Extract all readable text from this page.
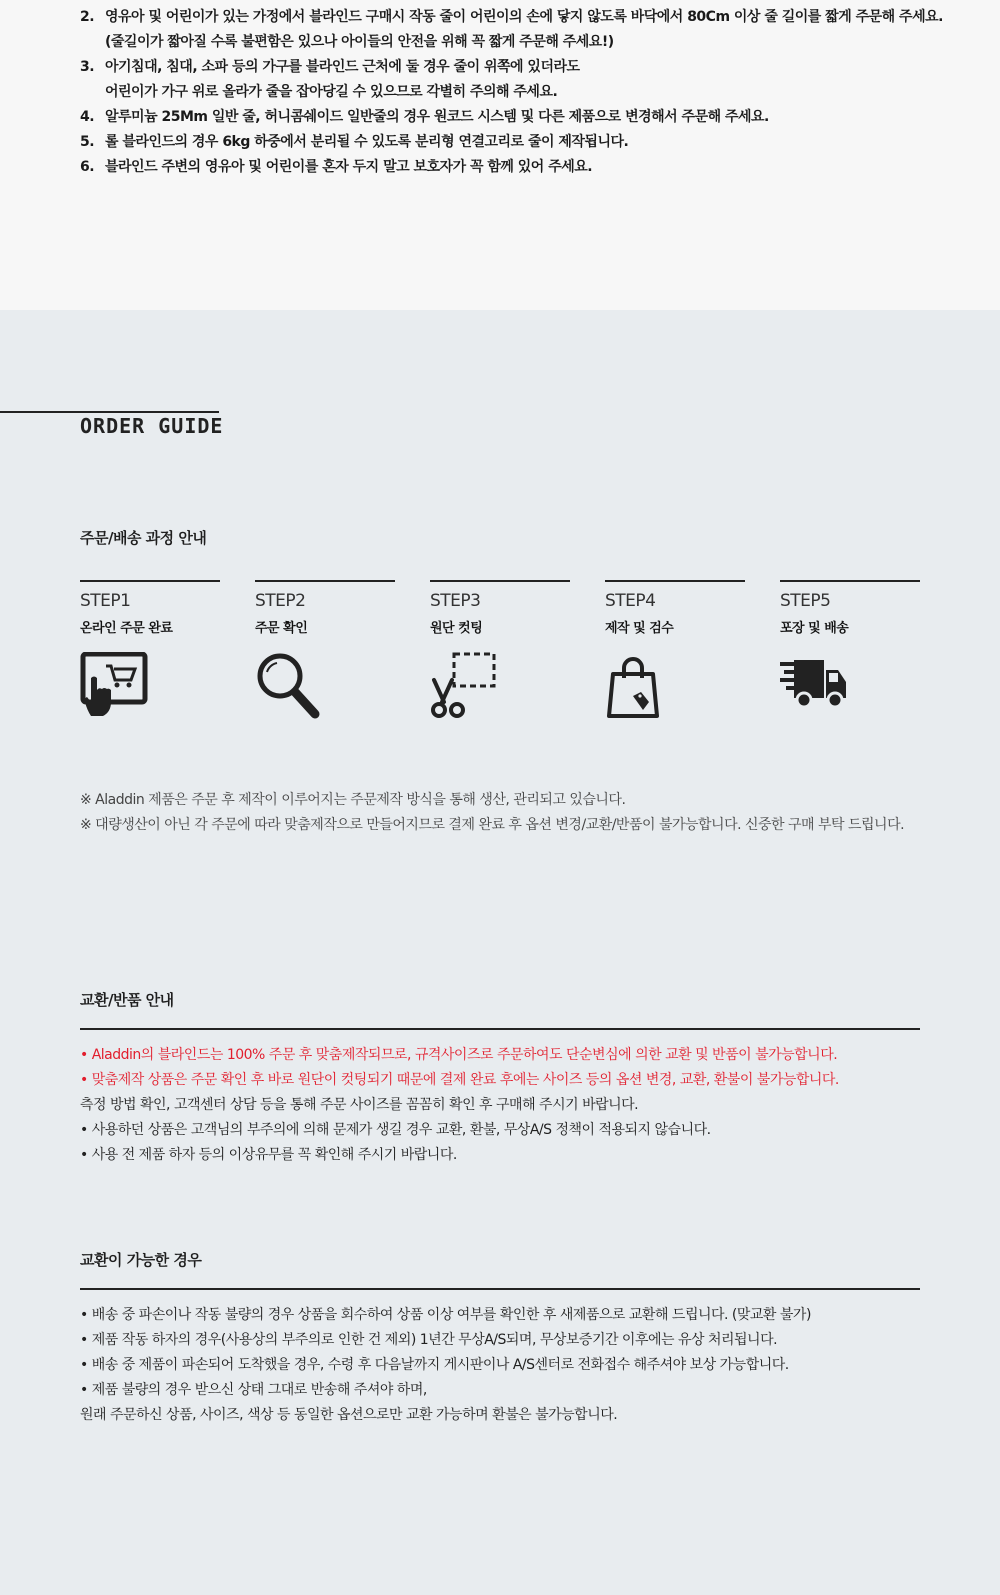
2. 영유아 및 어린이가 있는 가정에서 블라인드 구매시 작동 줄이 어린이의 손에 닿지 않도록 바닥에서 80Cm 이상 줄 길이를 짧게 주문해 주세요.
(줄길이가 짧아질 수록 불편함은 있으나 아이들의 안전을 위해 꼭 짧게 주문해 주세요!)
3. 아기침대, 침대, 소파 등의 가구를 블라인드 근처에 둘 경우 줄이 위쪽에 있더라도
어린이가 가구 위로 올라가 줄을 잡아당길 수 있으므로 각별히 주의해 주세요.
4. 알루미늄 25Mm 일반 줄, 허니콤쉐이드 일반줄의 경우 원코드 시스템 및 다른 제품으로 변경해서 주문해 주세요.
5. 롤 블라인드의 경우 6kg 하중에서 분리될 수 있도록 분리형 연결고리로 줄이 제작됩니다.
6. 블라인드 주변의 영유아 및 어린이를 혼자 두지 말고 보호자가 꼭 함께 있어 주세요.
ORDER GUIDE
주문/배송 과정 안내
STEP1
온라인 주문 완료
STEP2
주문 확인
STEP3
원단 컷팅
STEP4
제작 및 검수
STEP5
포장 및 배송

※ Aladdin 제품은 주문 후 제작이 이루어지는 주문제작 방식을 통해 생산, 관리되고 있습니다.

※ 대량생산이 아닌 각 주문에 따라 맞춤제작으로 만들어지므로 결제 완료 후 옵션 변경/교환/반품이 불가능합니다. 신중한 구매 부탁 드립니다.

교환/반품 안내
• Aladdin의 블라인드는 100% 주문 후 맞춤제작되므로, 규격사이즈로 주문하여도 단순변심에 의한 교환 및 반품이 불가능합니다.
• 맞춤제작 상품은 주문 확인 후 바로 원단이 컷팅되기 때문에 결제 완료 후에는 사이즈 등의 옵션 변경, 교환, 환불이 불가능합니다.
측정 방법 확인, 고객센터 상담 등을 통해 주문 사이즈를 꼼꼼히 확인 후 구매해 주시기 바랍니다.
• 사용하던 상품은 고객님의 부주의에 의해 문제가 생길 경우 교환, 환불, 무상A/S 정책이 적용되지 않습니다.
• 사용 전 제품 하자 등의 이상유무를 꼭 확인해 주시기 바랍니다.
교환이 가능한 경우
• 배송 중 파손이나 작동 불량의 경우 상품을 회수하여 상품 이상 여부를 확인한 후 새제품으로 교환해 드립니다. (맞교환 불가)
• 제품 작동 하자의 경우(사용상의 부주의로 인한 건 제외) 1년간 무상A/S되며, 무상보증기간 이후에는 유상 처리됩니다.
• 배송 중 제품이 파손되어 도착했을 경우, 수령 후 다음날까지 게시판이나 A/S센터로 전화접수 해주셔야 보상 가능합니다.
• 제품 불량의 경우 받으신 상태 그대로 반송해 주셔야 하며,
원래 주문하신 상품, 사이즈, 색상 등 동일한 옵션으로만 교환 가능하며 환불은 불가능합니다.
